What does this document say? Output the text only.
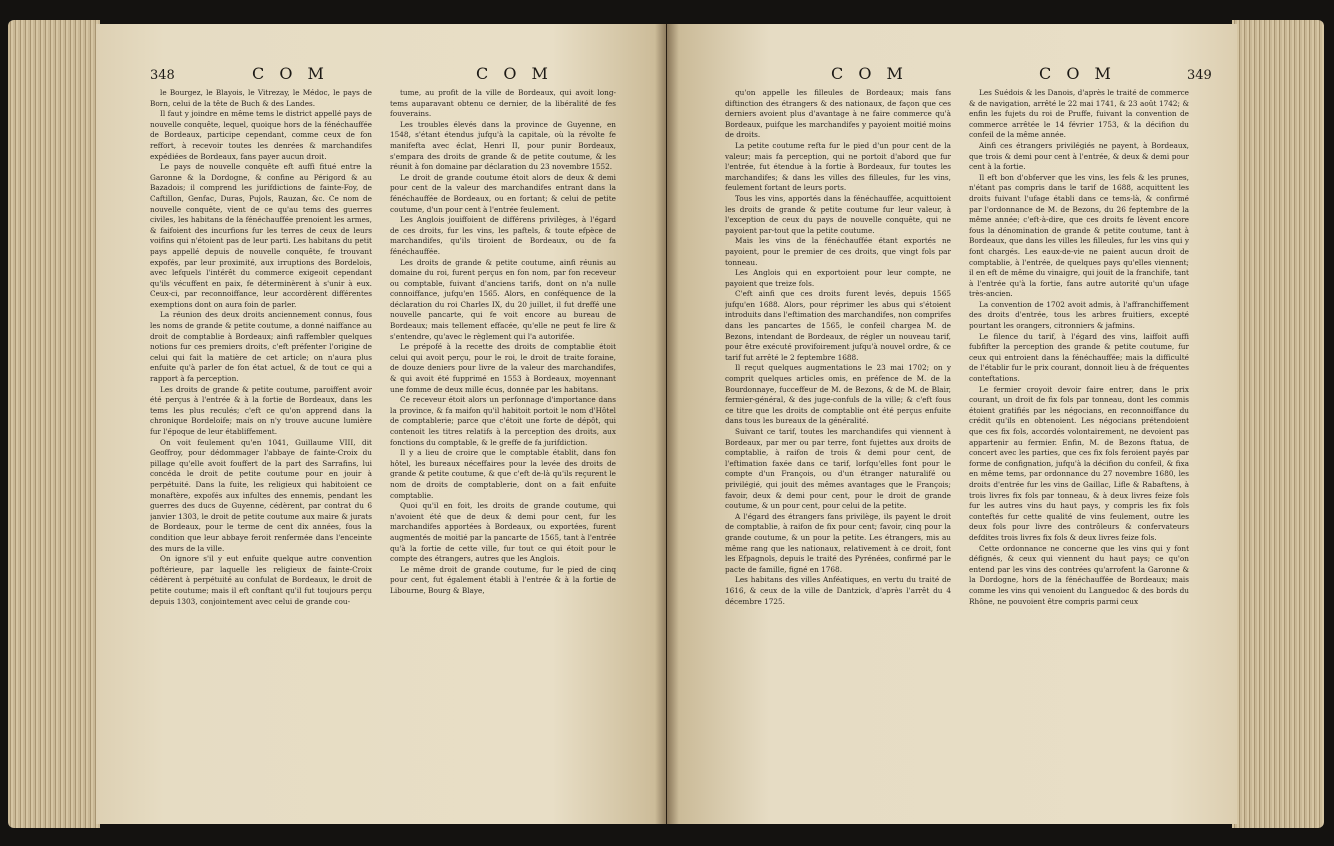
348	C O M	C O M

le Bourgez, le Blayois, le Vitrezay, le Médoc, le pays de Born, celui de la tête de Buch & des Landes.

Il faut y joindre en même tems le district appellé pays de nouvelle conquête, lequel, quoique hors de la fénéchauffée de Bordeaux, participe cependant, comme ceux de fon reffort, à recevoir toutes les denrées & marchandifes expédiées de Bordeaux, fans payer aucun droit.

Le pays de nouvelle conquête eft auffi fitué entre la Garonne & la Dordogne, & confine au Périgord & au Bazadois; il comprend les jurifdictions de fainte-Foy, de Caftillon, Genfac, Duras, Pujols, Rauzan, &c. Ce nom de nouvelle conquête, vient de ce qu'au tems des guerres civiles, les habitans de la fénéchauffée prenoient les armes, & faifoient des incurfions fur les terres de ceux de leurs voifins qui n'étoient pas de leur parti. Les habitans du petit pays appellé depuis de nouvelle conquête, fe trouvant expofés, par leur proximité, aux irruptions des Bordelois, avec lefquels l'intérêt du commerce exigeoit cependant qu'ils vécuffent en paix, fe déterminèrent à s'unir à eux. Ceux-ci, par reconnoiffance, leur accordèrent différentes exemptions dont on aura foin de parler.

La réunion des deux droits anciennement connus, fous les noms de grande & petite coutume, a donné naiffance au droit de comptablie à Bordeaux; ainfi raffembler quelques notions fur ces premiers droits, c'eft préfenter l'origine de celui qui fait la matière de cet article; on n'aura plus enfuite qu'à parler de fon état actuel, & de tout ce qui a rapport à fa perception.

Les droits de grande & petite coutume, paroiffent avoir été perçus à l'entrée & à la fortie de Bordeaux, dans les tems les plus reculés; c'eft ce qu'on apprend dans la chronique Bordeloife; mais on n'y trouve aucune lumière fur l'époque de leur établiffement.

On voit feulement qu'en 1041, Guillaume VIII, dit Geoffroy, pour dédommager l'abbaye de fainte-Croix du pillage qu'elle avoit fouffert de la part des Sarrafins, lui concéda le droit de petite coutume pour en jouir à perpétuité. Dans la fuite, les religieux qui habitoient ce monaftère, expofés aux infultes des ennemis, pendant les guerres des ducs de Guyenne, cédèrent, par contrat du 6 janvier 1303, le droit de petite coutume aux maire & jurats de Bordeaux, pour le terme de cent dix années, fous la condition que leur abbaye feroit renfermée dans l'enceinte des murs de la ville.

On ignore s'il y eut enfuite quelque autre convention poftérieure, par laquelle les religieux de fainte-Croix cédèrent à perpétuité au confulat de Bordeaux, le droit de petite coutume; mais il eft conftant qu'il fut toujours perçu depuis 1303, conjointement avec celui de grande cou-

tume, au profit de la ville de Bordeaux, qui avoit long-tems auparavant obtenu ce dernier, de la libéralité de fes fouverains.

Les troubles élevés dans la province de Guyenne, en 1548, s'étant étendus jufqu'à la capitale, où la révolte fe manifefta avec éclat, Henri II, pour punir Bordeaux, s'empara des droits de grande & de petite coutume, & les réunit à fon domaine par déclaration du 23 novembre 1552.

Le droit de grande coutume étoit alors de deux & demi pour cent de la valeur des marchandifes entrant dans la fénéchauffée de Bordeaux, ou en fortant; & celui de petite coutume, d'un pour cent à l'entrée feulement.

Les Anglois jouiffoient de différens privilèges, à l'égard de ces droits, fur les vins, les paftels, & toute efpèce de marchandifes, qu'ils tiroient de Bordeaux, ou de fa fénéchauffée.

Les droits de grande & petite coutume, ainfi réunis au domaine du roi, furent perçus en fon nom, par fon receveur ou comptable, fuivant d'anciens tarifs, dont on n'a nulle connoiffance, jufqu'en 1565. Alors, en conféquence de la déclaration du roi Charles IX, du 20 juillet, il fut dreffé une nouvelle pancarte, qui fe voit encore au bureau de Bordeaux; mais tellement effacée, qu'elle ne peut fe lire & s'entendre, qu'avec le règlement qui l'a autorifée.

Le prépofé à la recette des droits de comptablie étoit celui qui avoit perçu, pour le roi, le droit de traite foraine, de douze deniers pour livre de la valeur des marchandifes, & qui avoit été fupprimé en 1553 à Bordeaux, moyennant une fomme de deux mille écus, donnée par les habitans.

Ce receveur étoit alors un perfonnage d'importance dans la province, & fa maifon qu'il habitoit portoit le nom d'Hôtel de comptablerie; parce que c'étoit une forte de dépôt, qui contenoit les titres relatifs à la perception des droits, aux fonctions du comptable, & le greffe de fa jurifdiction.

Il y a lieu de croire que le comptable établit, dans fon hôtel, les bureaux néceffaires pour la levée des droits de grande & petite coutume, & que c'eft de-là qu'ils reçurent le nom de droits de comptablerie, dont on a fait enfuite comptablie.

Quoi qu'il en foit, les droits de grande coutume, qui n'avoient été que de deux & demi pour cent, fur les marchandifes apportées à Bordeaux, ou exportées, furent augmentés de moitié par la pancarte de 1565, tant à l'entrée qu'à la fortie de cette ville, fur tout ce qui étoit pour le compte des étrangers, autres que les Anglois.

Le même droit de grande coutume, fur le pied de cinq pour cent, fut également établi à l'entrée & à la fortie de Libourne, Bourg & Blaye,

C O M	C O M	349

qu'on appelle les filleules de Bordeaux; mais fans diftinction des étrangers & des nationaux, de façon que ces derniers avoient plus d'avantage à ne faire commerce qu'à Bordeaux, puifque les marchandifes y payoient moitié moins de droits.

La petite coutume refta fur le pied d'un pour cent de la valeur; mais fa perception, qui ne portoit d'abord que fur l'entrée, fut étendue à la fortie à Bordeaux, fur toutes les marchandifes; & dans les villes des filleules, fur les vins, feulement fortant de leurs ports.

Tous les vins, apportés dans la fénéchauffée, acquittoient les droits de grande & petite coutume fur leur valeur, à l'exception de ceux du pays de nouvelle conquête, qui ne payoient par-tout que la petite coutume.

Mais les vins de la fénéchauffée étant exportés ne payoient, pour le premier de ces droits, que vingt fols par tonneau.

Les Anglois qui en exportoient pour leur compte, ne payoient que treize fols.

C'eft ainfi que ces droits furent levés, depuis 1565 jufqu'en 1688. Alors, pour réprimer les abus qui s'étoient introduits dans l'eftimation des marchandifes, non comprifes dans les pancartes de 1565, le confeil chargea M. de Bezons, intendant de Bordeaux, de régler un nouveau tarif, pour être exécuté provifoirement jufqu'à nouvel ordre, & ce tarif fut arrêté le 2 feptembre 1688.

Il reçut quelques augmentations le 23 mai 1702; on y comprit quelques articles omis, en préfence de M. de la Bourdonnaye, fucceffeur de M. de Bezons, & de M. de Blair, fermier-général, & des juge-confuls de la ville; & c'eft fous ce titre que les droits de comptablie ont été perçus enfuite dans tous les bureaux de la généralité.

Suivant ce tarif, toutes les marchandifes qui viennent à Bordeaux, par mer ou par terre, font fujettes aux droits de comptablie, à raifon de trois & demi pour cent, de l'eftimation faxée dans ce tarif, lorfqu'elles font pour le compte d'un François, ou d'un étranger naturalifé ou privilégié, qui jouit des mêmes avantages que le François; favoir, deux & demi pour cent, pour le droit de grande coutume, & un pour cent, pour celui de la petite.

A l'égard des étrangers fans privilège, ils payent le droit de comptablie, à raifon de fix pour cent; favoir, cinq pour la grande coutume, & un pour la petite. Les étrangers, mis au même rang que les nationaux, relativement à ce droit, font les Efpagnols, depuis le traité des Pyrénées, confirmé par le pacte de famille, figné en 1768.

Les habitans des villes Anféatiques, en vertu du traité de 1616, & ceux de la ville de Dantzick, d'après l'arrêt du 4 décembre 1725.

Les Suédois & les Danois, d'après le traité de commerce & de navigation, arrêté le 22 mai 1741, & 23 août 1742; & enfin les fujets du roi de Pruffe, fuivant la convention de commerce arrêtée le 14 février 1753, & la décifion du confeil de la même année.

Ainfi ces étrangers privilégiés ne payent, à Bordeaux, que trois & demi pour cent à l'entrée, & deux & demi pour cent à la fortie.

Il eft bon d'obferver que les vins, les fels & les prunes, n'étant pas compris dans le tarif de 1688, acquittent les droits fuivant l'ufage établi dans ce tems-là, & confirmé par l'ordonnance de M. de Bezons, du 26 feptembre de la même année; c'eft-à-dire, que ces droits fe lèvent encore fous la dénomination de grande & petite coutume, tant à Bordeaux, que dans les villes les filleules, fur les vins qui y font chargés. Les eaux-de-vie ne paient aucun droit de comptablie, à l'entrée, de quelques pays qu'elles viennent; il en eft de même du vinaigre, qui jouit de la franchife, tant à l'entrée qu'à la fortie, fans autre autorité qu'un ufage très-ancien.

La convention de 1702 avoit admis, à l'affranchiffement des droits d'entrée, tous les arbres fruitiers, excepté pourtant les orangers, citronniers & jafmins.

Le filence du tarif, à l'égard des vins, laiffoit auffi fubfifter la perception des grande & petite coutume, fur ceux qui entroient dans la fénéchauffée; mais la difficulté de l'établir fur le prix courant, donnoit lieu à de fréquentes conteftations.

Le fermier croyoit devoir faire entrer, dans le prix courant, un droit de fix fols par tonneau, dont les commis étoient gratifiés par les négocians, en reconnoiffance du crédit qu'ils en obtenoient. Les négocians prétendoient que ces fix fols, accordés volontairement, ne devoient pas appartenir au fermier. Enfin, M. de Bezons ftatua, de concert avec les parties, que ces fix fols feroient payés par forme de confignation, jufqu'à la décifion du confeil, & fixa en même tems, par ordonnance du 27 novembre 1680, les droits d'entrée fur les vins de Gaillac, Lifle & Rabaftens, à trois livres fix fols par tonneau, & à deux livres feize fols fur les autres vins du haut pays, y compris les fix fols conteftés fur cette qualité de vins feulement, outre les deux fols pour livre des contrôleurs & confervateurs defdites trois livres fix fols & deux livres feize fols.

Cette ordonnance ne concerne que les vins qui y font défignés, & ceux qui viennent du haut pays; ce qu'on entend par les vins des contrées qu'arrofent la Garonne & la Dordogne, hors de la fénéchauffée de Bordeaux; mais comme les vins qui venoient du Languedoc & des bords du Rhône, ne pouvoient être compris parmi ceux
